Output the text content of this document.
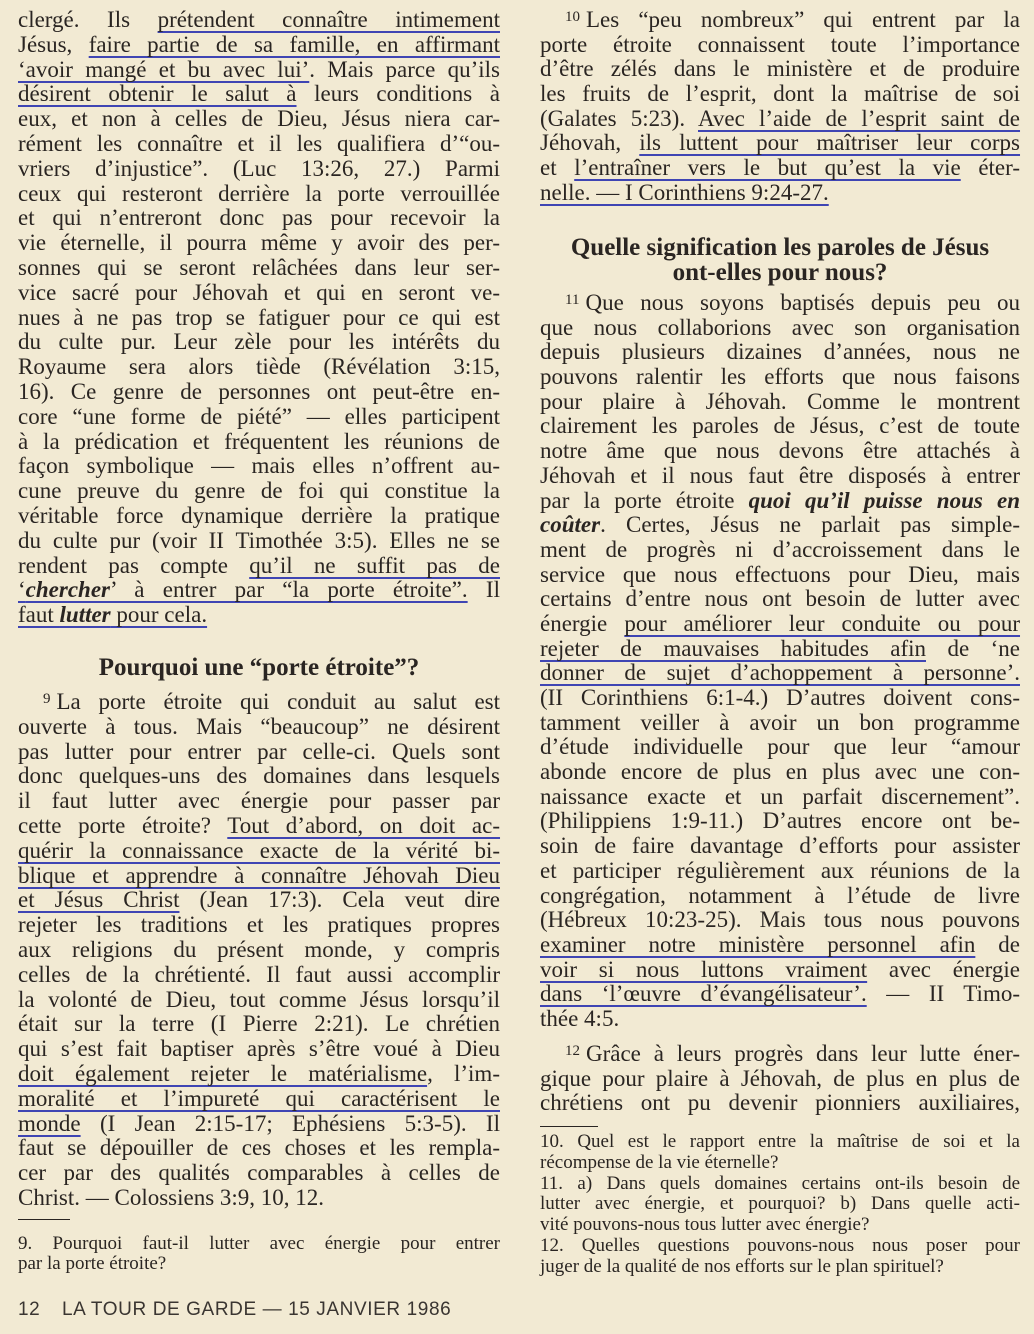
clergé. Ils prétendent connaître intimement
Jésus, faire partie de sa famille, en affirmant
‘avoir mangé et bu avec lui’. Mais parce qu’ils
désirent obtenir le salut à leurs conditions à
eux, et non à celles de Dieu, Jésus niera car-
rément les connaître et il les qualifiera d’“ou-
vriers d’injustice”. (Luc 13:26, 27.) Parmi
ceux qui resteront derrière la porte verrouillée
et qui n’entreront donc pas pour recevoir la
vie éternelle, il pourra même y avoir des per-
sonnes qui se seront relâchées dans leur ser-
vice sacré pour Jéhovah et qui en seront ve-
nues à ne pas trop se fatiguer pour ce qui est
du culte pur. Leur zèle pour les intérêts du
Royaume sera alors tiède (Révélation 3:15,
16). Ce genre de personnes ont peut-être en-
core “une forme de piété” — elles participent
à la prédication et fréquentent les réunions de
façon symbolique — mais elles n’offrent au-
cune preuve du genre de foi qui constitue la
véritable force dynamique derrière la pratique
du culte pur (voir II Timothée 3:5). Elles ne se
rendent pas compte qu’il ne suffit pas de
‘chercher’ à entrer par “la porte étroite”. Il
faut lutter pour cela.
Pourquoi une “porte étroite”?
$^9$ La porte étroite qui conduit au salut est
ouverte à tous. Mais “beaucoup” ne désirent
pas lutter pour entrer par celle-ci. Quels sont
donc quelques-uns des domaines dans lesquels
il faut lutter avec énergie pour passer par
cette porte étroite? Tout d’abord, on doit ac-
quérir la connaissance exacte de la vérité bi-
blique et apprendre à connaître Jéhovah Dieu
et Jésus Christ (Jean 17:3). Cela veut dire
rejeter les traditions et les pratiques propres
aux religions du présent monde, y compris
celles de la chrétienté. Il faut aussi accomplir
la volonté de Dieu, tout comme Jésus lorsqu’il
était sur la terre (I Pierre 2:21). Le chrétien
qui s’est fait baptiser après s’être voué à Dieu
doit également rejeter le matérialisme, l’im-
moralité et l’impureté qui caractérisent le
monde (I Jean 2:15-17; Ephésiens 5:3-5). Il
faut se dépouiller de ces choses et les rempla-
cer par des qualités comparables à celles de
Christ. — Colossiens 3:9, 10, 12.
9. Pourquoi faut-il lutter avec énergie pour entrer
par la porte étroite?
$^{10}$ Les “peu nombreux” qui entrent par la
porte étroite connaissent toute l’importance
d’être zélés dans le ministère et de produire
les fruits de l’esprit, dont la maîtrise de soi
(Galates 5:23). Avec l’aide de l’esprit saint de
Jéhovah, ils luttent pour maîtriser leur corps
et l’entraîner vers le but qu’est la vie éter-
nelle. — I Corinthiens 9:24-27.
Quelle signification les paroles de Jésus
ont-elles pour nous?
$^{11}$ Que nous soyons baptisés depuis peu ou
que nous collaborions avec son organisation
depuis plusieurs dizaines d’années, nous ne
pouvons ralentir les efforts que nous faisons
pour plaire à Jéhovah. Comme le montrent
clairement les paroles de Jésus, c’est de toute
notre âme que nous devons être attachés à
Jéhovah et il nous faut être disposés à entrer
par la porte étroite quoi qu’il puisse nous en
coûter. Certes, Jésus ne parlait pas simple-
ment de progrès ni d’accroissement dans le
service que nous effectuons pour Dieu, mais
certains d’entre nous ont besoin de lutter avec
énergie pour améliorer leur conduite ou pour
rejeter de mauvaises habitudes afin de ‘ne
donner de sujet d’achoppement à personne’.
(II Corinthiens 6:1-4.) D’autres doivent cons-
tamment veiller à avoir un bon programme
d’étude individuelle pour que leur “amour
abonde encore de plus en plus avec une con-
naissance exacte et un parfait discernement”.
(Philippiens 1:9-11.) D’autres encore ont be-
soin de faire davantage d’efforts pour assister
et participer régulièrement aux réunions de la
congrégation, notamment à l’étude de livre
(Hébreux 10:23-25). Mais tous nous pouvons
examiner notre ministère personnel afin de
voir si nous luttons vraiment avec énergie
dans ‘l’œuvre d’évangélisateur’. — II Timo-
thée 4:5.
$^{12}$ Grâce à leurs progrès dans leur lutte éner-
gique pour plaire à Jéhovah, de plus en plus de
chrétiens ont pu devenir pionniers auxiliaires,
10. Quel est le rapport entre la maîtrise de soi et la
récompense de la vie éternelle?
11. a) Dans quels domaines certains ont-ils besoin de
lutter avec énergie, et pourquoi? b) Dans quelle acti-
vité pouvons-nous tous lutter avec énergie?
12. Quelles questions pouvons-nous nous poser pour
juger de la qualité de nos efforts sur le plan spirituel?
12 LA TOUR DE GARDE — 15 JANVIER 1986
